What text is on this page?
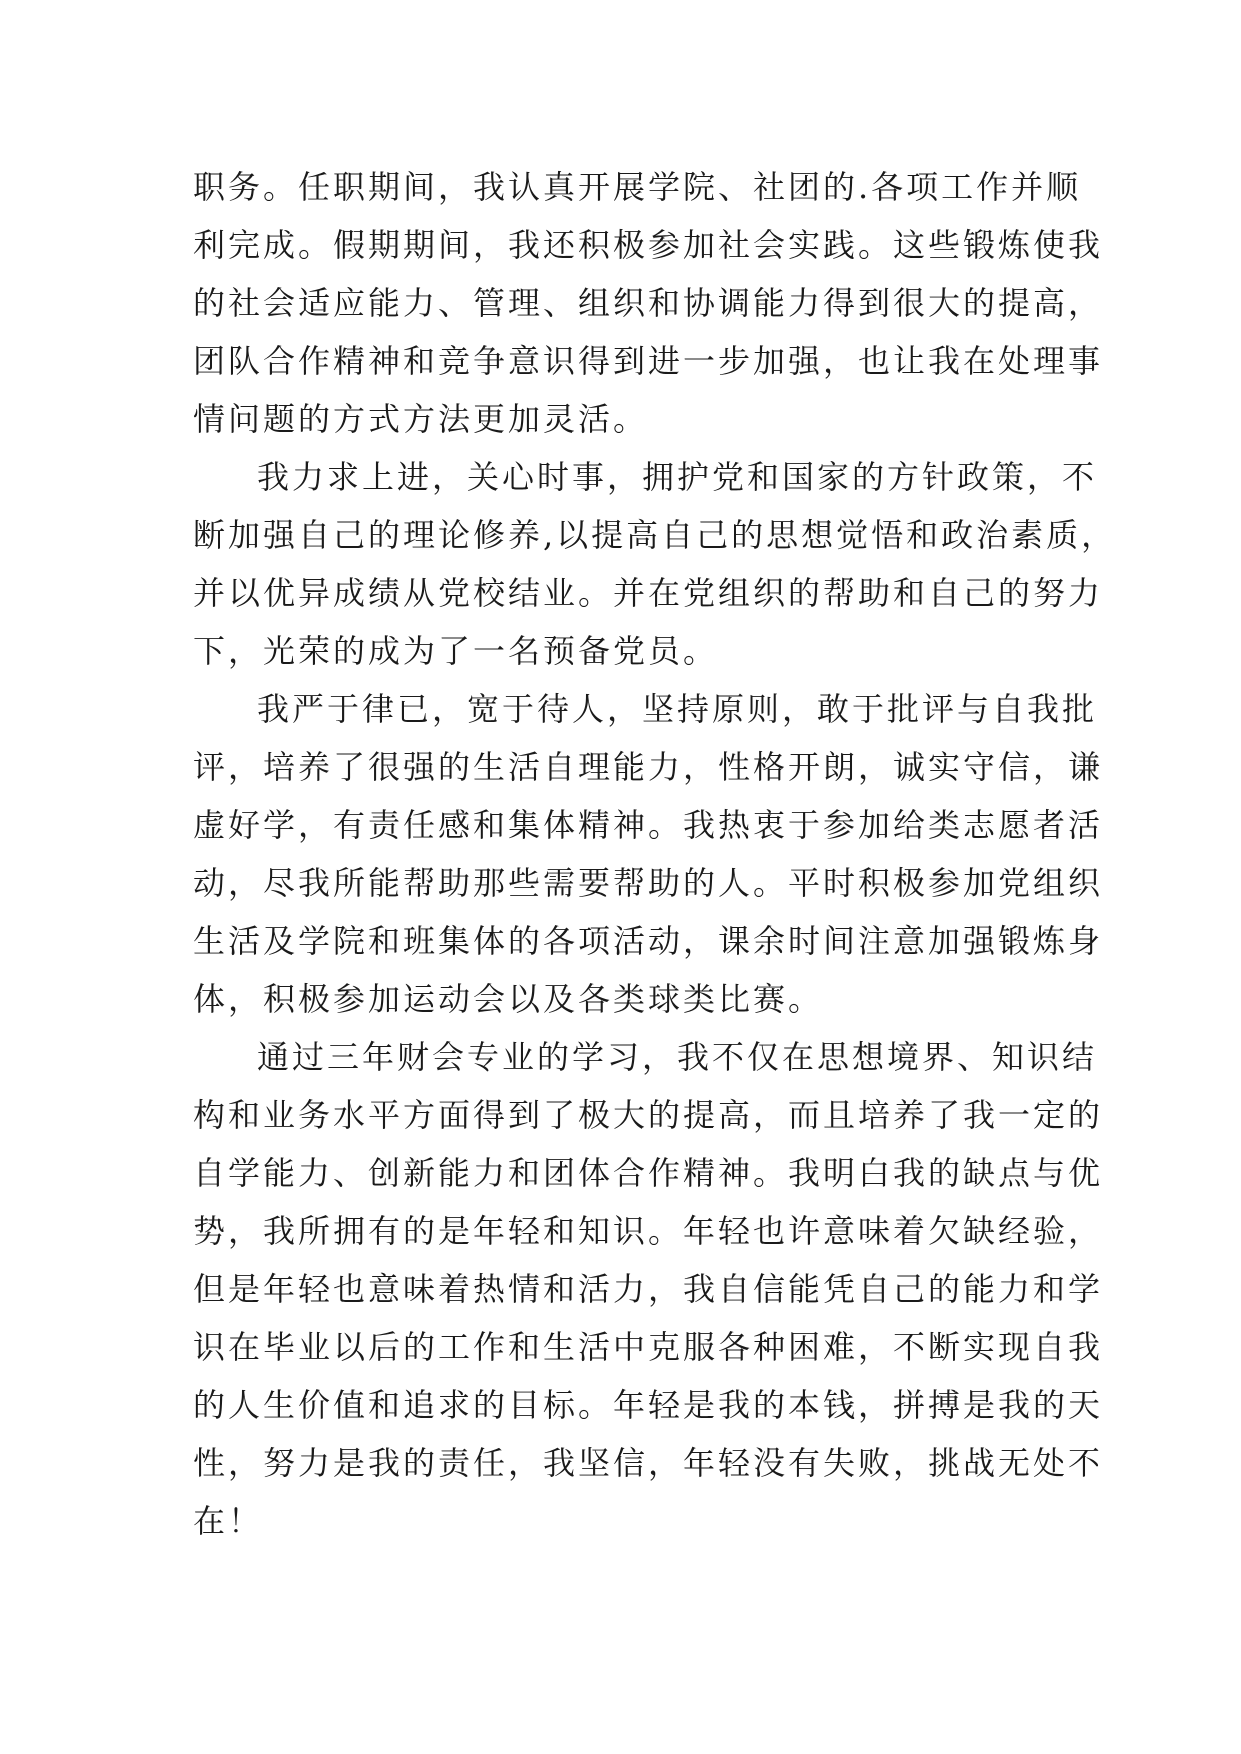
职务。任职期间，我认真开展学院、社团的.各项工作并顺
利完成。假期期间，我还积极参加社会实践。这些锻炼使我
的社会适应能力、管理、组织和协调能力得到很大的提高，
团队合作精神和竞争意识得到进一步加强，也让我在处理事
情问题的方式方法更加灵活。
我力求上进，关心时事，拥护党和国家的方针政策，不
断加强自己的理论修养,以提高自己的思想觉悟和政治素质，
并以优异成绩从党校结业。并在党组织的帮助和自己的努力
下，光荣的成为了一名预备党员。
我严于律已，宽于待人，坚持原则，敢于批评与自我批
评，培养了很强的生活自理能力，性格开朗，诚实守信，谦
虚好学，有责任感和集体精神。我热衷于参加给类志愿者活
动，尽我所能帮助那些需要帮助的人。平时积极参加党组织
生活及学院和班集体的各项活动，课余时间注意加强锻炼身
体，积极参加运动会以及各类球类比赛。
通过三年财会专业的学习，我不仅在思想境界、知识结
构和业务水平方面得到了极大的提高，而且培养了我一定的
自学能力、创新能力和团体合作精神。我明白我的缺点与优
势，我所拥有的是年轻和知识。年轻也许意味着欠缺经验，
但是年轻也意味着热情和活力，我自信能凭自己的能力和学
识在毕业以后的工作和生活中克服各种困难，不断实现自我
的人生价值和追求的目标。年轻是我的本钱，拼搏是我的天
性，努力是我的责任，我坚信，年轻没有失败，挑战无处不
在！
